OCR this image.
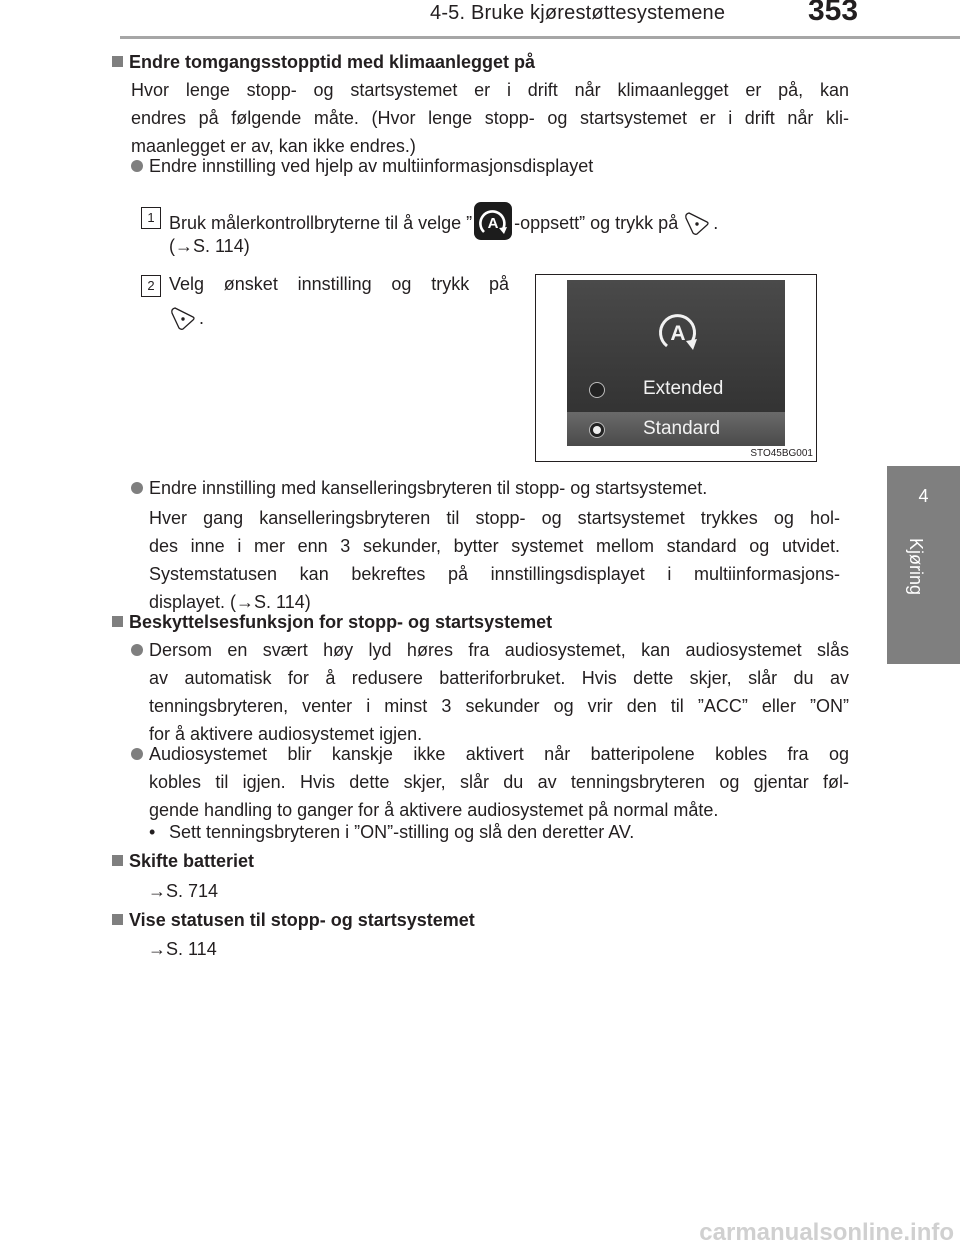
4-5. Bruke kjørestøttesystemene	353
4
Kjøring
Endre tomgangsstopptid med klimaanlegget på
Hvor lenge stopp- og startsystemet er i drift når klimaanlegget er på, kan
endres på følgende måte. (Hvor lenge stopp- og startsystemet er i drift når kli-
maanlegget er av, kan ikke endres.)
Endre innstilling ved hjelp av multiinformasjonsdisplayet
1 Bruk målerkontrollbryterne til å velge ” A -oppsett” og trykk på .
(→S. 114)
2 Velg ønsket innstilling og trykk på
.
A
Extended
Standard
STO45BG001
Endre innstilling med kanselleringsbryteren til stopp- og startsystemet.
Hver gang kanselleringsbryteren til stopp- og startsystemet trykkes og hol-
des inne i mer enn 3 sekunder, bytter systemet mellom standard og utvidet.
Systemstatusen kan bekreftes på innstillingsdisplayet i multiinformasjons-
displayet. (→S. 114)
Beskyttelsesfunksjon for stopp- og startsystemet
Dersom en svært høy lyd høres fra audiosystemet, kan audiosystemet slås
av automatisk for å redusere batteriforbruket. Hvis dette skjer, slår du av
tenningsbryteren, venter i minst 3 sekunder og vrir den til ”ACC” eller ”ON”
for å aktivere audiosystemet igjen.
Audiosystemet blir kanskje ikke aktivert når batteripolene kobles fra og
kobles til igjen. Hvis dette skjer, slår du av tenningsbryteren og gjentar føl-
gende handling to ganger for å aktivere audiosystemet på normal måte.
• Sett tenningsbryteren i ”ON”-stilling og slå den deretter AV.
Skifte batteriet
→S. 714
Vise statusen til stopp- og startsystemet
→S. 114
carmanualsonline.info
